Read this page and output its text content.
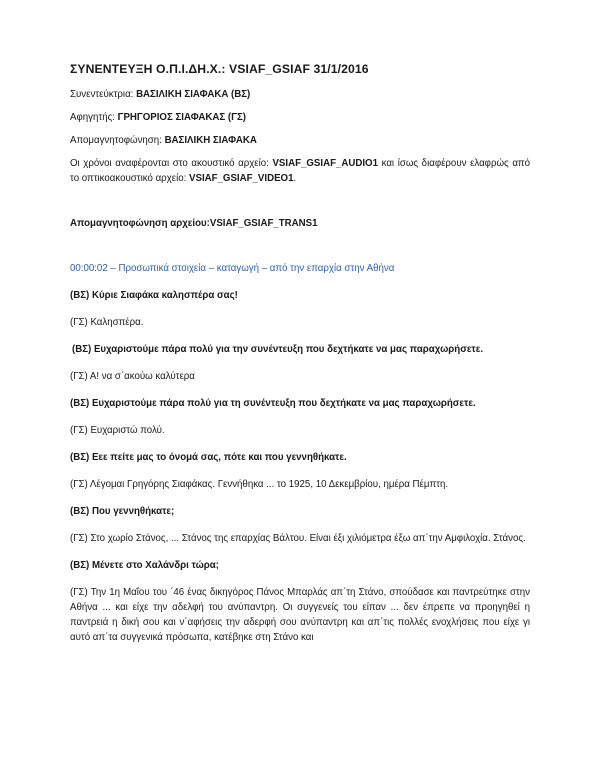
ΣΥΝΕΝΤΕΥΞΗ Ο.Π.Ι.ΔΗ.Χ.: VSIAF_GSIAF 31/1/2016
Συνεντεύκτρια: ΒΑΣΙΛΙΚΗ ΣΙΑΦΑΚΑ (ΒΣ)
Αφηγητής: ΓΡΗΓΟΡΙΟΣ ΣΙΑΦΑΚΑΣ (ΓΣ)
Απομαγνητοφώνηση: ΒΑΣΙΛΙΚΗ ΣΙΑΦΑΚΑ
Οι χρόνοι αναφέρονται στο ακουστικό αρχείο: VSIAF_GSIAF_AUDIO1 και ίσως διαφέρουν ελαφρώς από το οπτικοακουστικό αρχείο: VSIAF_GSIAF_VIDEO1.
Απομαγνητοφώνηση αρχείου:VSIAF_GSIAF_TRANS1
00:00:02 – Προσωπικά στοιχεία – καταγωγή – από την επαρχία στην Αθήνα
(ΒΣ) Κύριε Σιαφάκα καλησπέρα σας!
(ΓΣ) Καλησπέρα.
(ΒΣ) Ευχαριστούμε πάρα πολύ για την συνέντευξη που δεχτήκατε να μας παραχωρήσετε.
(ΓΣ) Α! να σ΄ακούω καλύτερα
(ΒΣ) Ευχαριστούμε πάρα πολύ για τη συνέντευξη που δεχτήκατε να μας παραχωρήσετε.
(ΓΣ) Ευχαριστώ πολύ.
(ΒΣ) Εεε πείτε μας το όνομά σας, πότε και που γεννηθήκατε.
(ΓΣ) Λέγομαι Γρηγόρης Σιαφάκας. Γεννήθηκα ... το 1925, 10 Δεκεμβρίου, ημέρα Πέμπτη.
(ΒΣ) Που γεννηθήκατε;
(ΓΣ) Στο χωρίο Στάνος, ... Στάνος της επαρχίας Βάλτου. Είναι έξι χιλιόμετρα έξω απ΄την Αμφιλοχία. Στάνος.
(ΒΣ) Μένετε στο Χαλάνδρι τώρα;
(ΓΣ) Την 1η Μαΐου του ΄46 ένας δικηγόρος Πάνος Μπαρλάς απ΄τη Στάνο, σπούδασε και παντρεύτηκε στην Αθήνα ... και είχε την αδελφή του ανύπαντρη. Οι συγγενείς του είπαν ... δεν έπρεπε να προηγηθεί η παντρειά η δική σου και ν΄αφήσεις την αδερφή σου ανύπαντρη και απ΄τις πολλές ενοχλήσεις που είχε γι αυτό απ΄τα συγγενικά πρόσωπα, κατέβηκε στη Στάνο και
